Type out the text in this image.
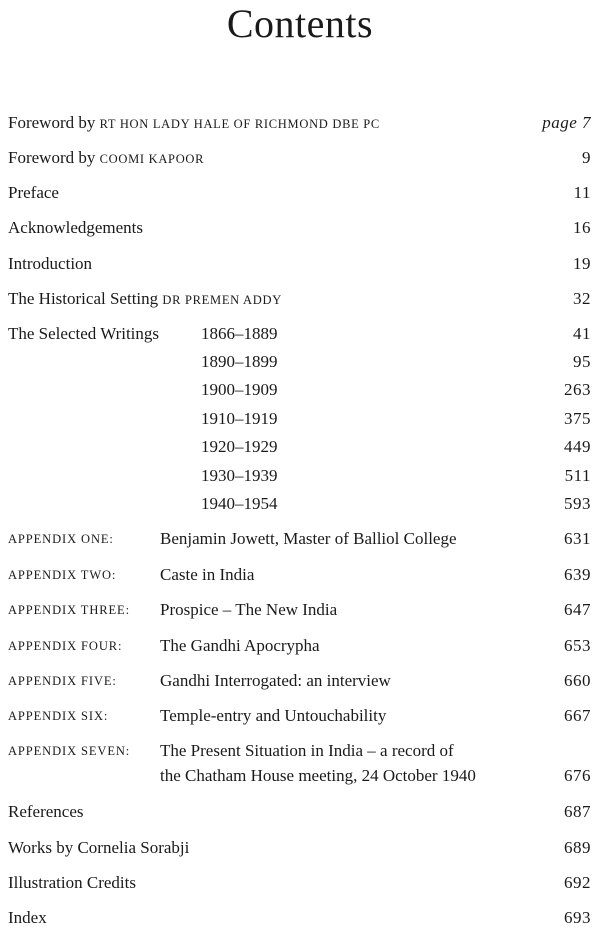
Contents
Foreword by RT HON LADY HALE OF RICHMOND DBE PC	page 7
Foreword by COOMI KAPOOR	9
Preface	11
Acknowledgements	16
Introduction	19
The Historical Setting DR PREMEN ADDY	32
The Selected Writings 1866–1889	41
1890–1899	95
1900–1909	263
1910–1919	375
1920–1929	449
1930–1939	511
1940–1954	593
APPENDIX ONE:	Benjamin Jowett, Master of Balliol College	631
APPENDIX TWO:	Caste in India	639
APPENDIX THREE: Prospice – The New India	647
APPENDIX FOUR: The Gandhi Apocrypha	653
APPENDIX FIVE:	Gandhi Interrogated: an interview	660
APPENDIX SIX:	Temple-entry and Untouchability	667
APPENDIX SEVEN: The Present Situation in India – a record of
the Chatham House meeting, 24 October 1940	676
References	687
Works by Cornelia Sorabji	689
Illustration Credits	692
Index	693
